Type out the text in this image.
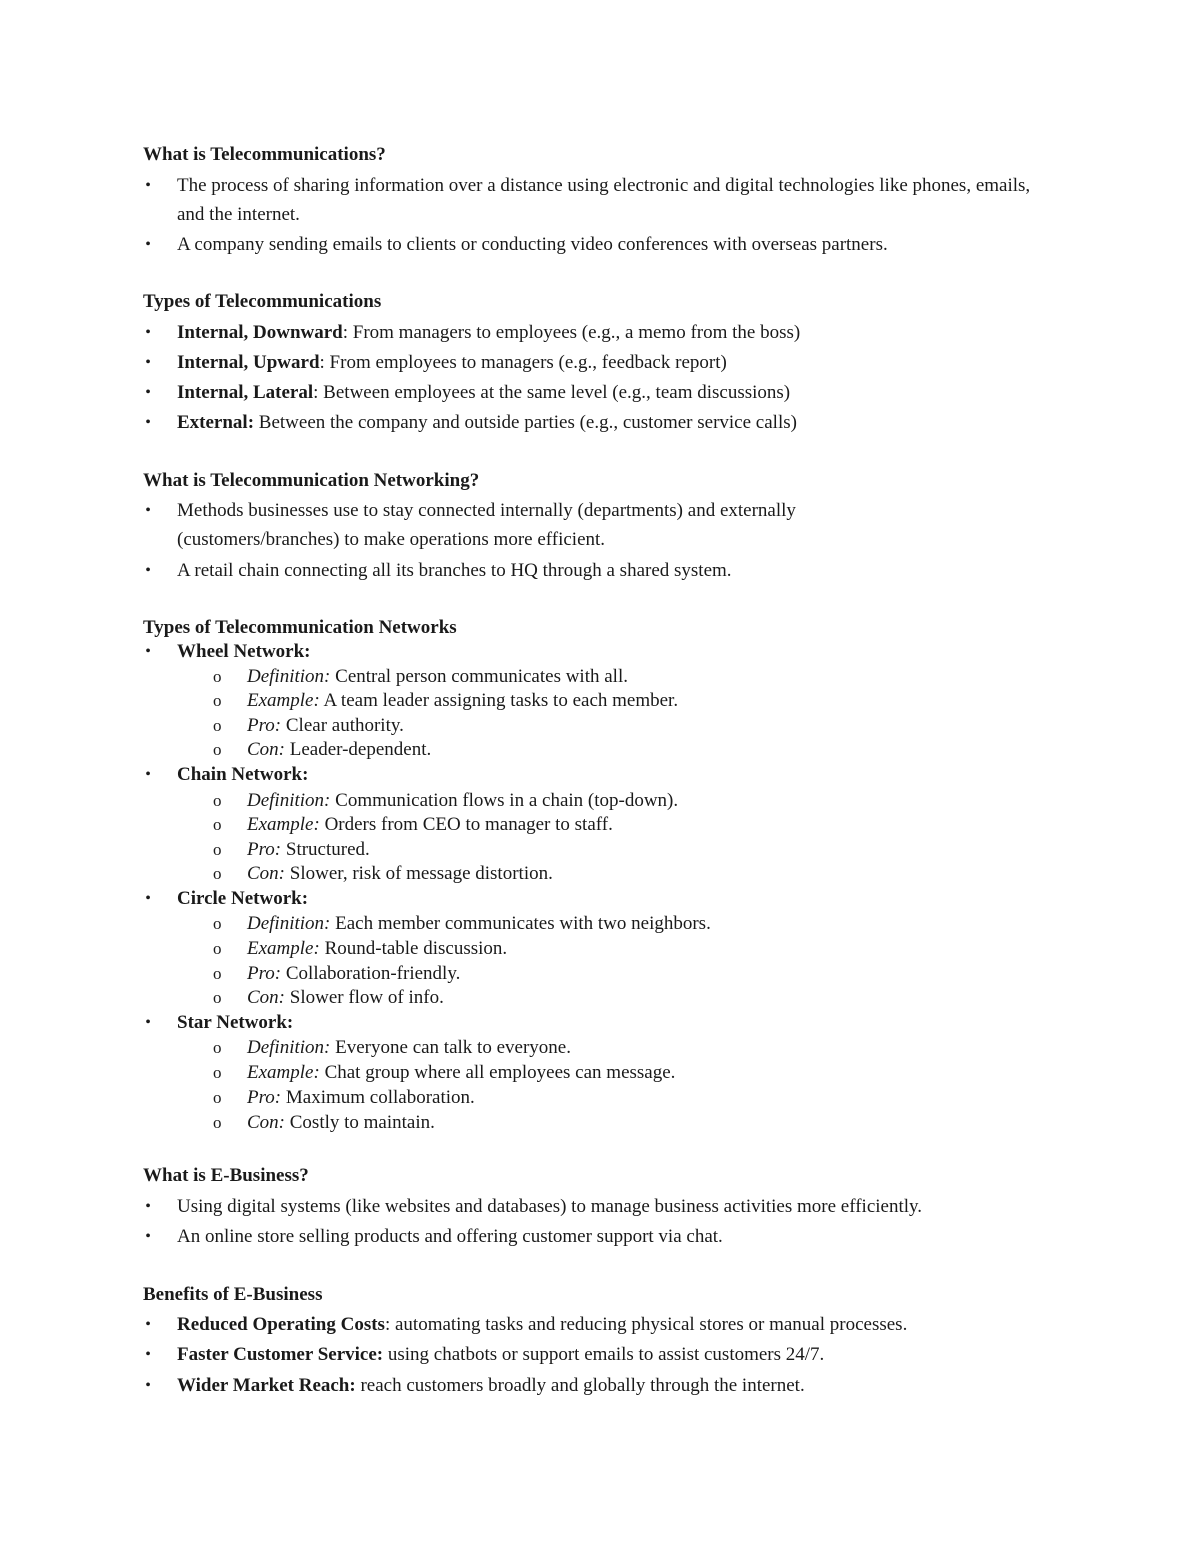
What is Telecommunications?
• The process of sharing information over a distance using electronic and digital technologies like phones, emails, and the internet.
• A company sending emails to clients or conducting video conferences with overseas partners.
Types of Telecommunications
• Internal, Downward: From managers to employees (e.g., a memo from the boss)
• Internal, Upward: From employees to managers (e.g., feedback report)
• Internal, Lateral: Between employees at the same level (e.g., team discussions)
• External: Between the company and outside parties (e.g., customer service calls)
What is Telecommunication Networking?
• Methods businesses use to stay connected internally (departments) and externally (customers/branches) to make operations more efficient.
• A retail chain connecting all its branches to HQ through a shared system.
Types of Telecommunication Networks
• Wheel Network:
o Definition: Central person communicates with all.
o Example: A team leader assigning tasks to each member.
o Pro: Clear authority.
o Con: Leader-dependent.
• Chain Network:
o Definition: Communication flows in a chain (top-down).
o Example: Orders from CEO to manager to staff.
o Pro: Structured.
o Con: Slower, risk of message distortion.
• Circle Network:
o Definition: Each member communicates with two neighbors.
o Example: Round-table discussion.
o Pro: Collaboration-friendly.
o Con: Slower flow of info.
• Star Network:
o Definition: Everyone can talk to everyone.
o Example: Chat group where all employees can message.
o Pro: Maximum collaboration.
o Con: Costly to maintain.
What is E-Business?
• Using digital systems (like websites and databases) to manage business activities more efficiently.
• An online store selling products and offering customer support via chat.
Benefits of E-Business
• Reduced Operating Costs: automating tasks and reducing physical stores or manual processes.
• Faster Customer Service: using chatbots or support emails to assist customers 24/7.
• Wider Market Reach: reach customers broadly and globally through the internet.
